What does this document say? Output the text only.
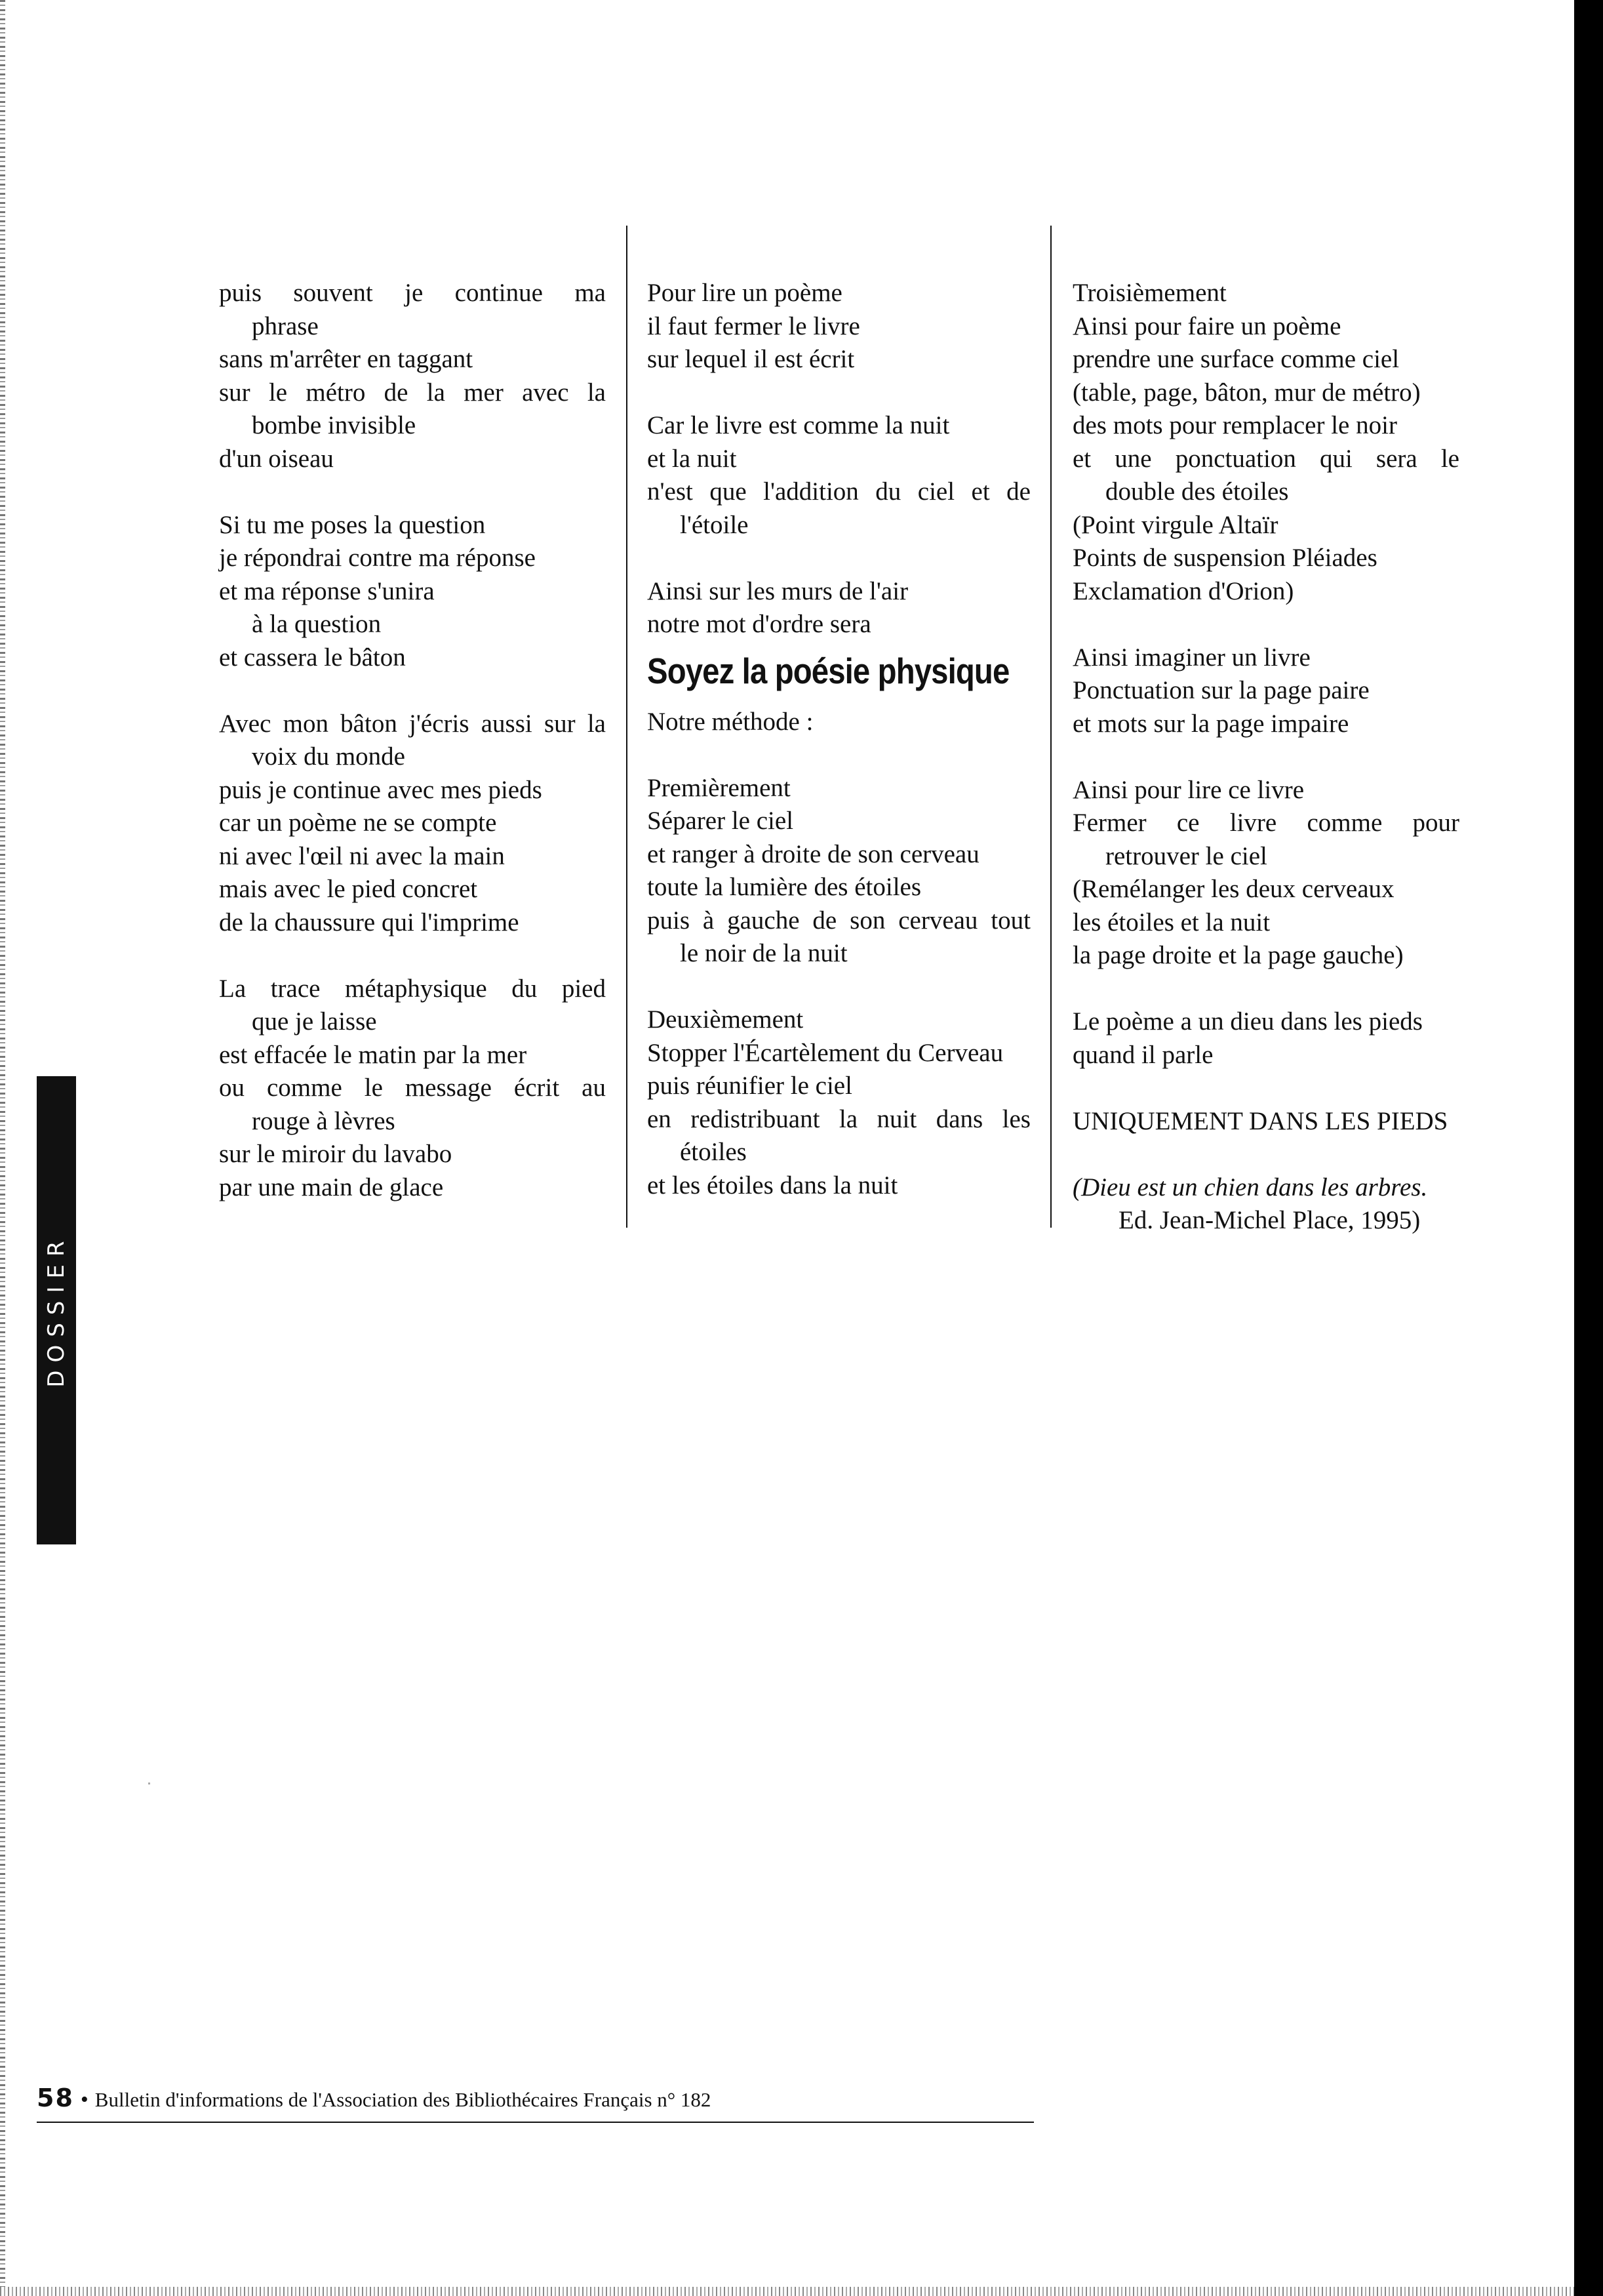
puis souvent je continue ma
phrase
sans m'arrêter en taggant
sur le métro de la mer avec la
bombe invisible
d'un oiseau
Si tu me poses la question
je répondrai contre ma réponse
et ma réponse s'unira
à la question
et cassera le bâton
Avec mon bâton j'écris aussi sur la
voix du monde
puis je continue avec mes pieds
car un poème ne se compte
ni avec l'œil ni avec la main
mais avec le pied concret
de la chaussure qui l'imprime
La trace métaphysique du pied
que je laisse
est effacée le matin par la mer
ou comme le message écrit au
rouge à lèvres
sur le miroir du lavabo
par une main de glace
Pour lire un poème
il faut fermer le livre
sur lequel il est écrit
Car le livre est comme la nuit
et la nuit
n'est que l'addition du ciel et de
l'étoile
Ainsi sur les murs de l'air
notre mot d'ordre sera
Soyez la poésie physique
Notre méthode :
Premièrement
Séparer le ciel
et ranger à droite de son cerveau
toute la lumière des étoiles
puis à gauche de son cerveau tout
le noir de la nuit
Deuxièmement
Stopper l'Écartèlement du Cerveau
puis réunifier le ciel
en redistribuant la nuit dans les
étoiles
et les étoiles dans la nuit
Troisièmement
Ainsi pour faire un poème
prendre une surface comme ciel
(table, page, bâton, mur de métro)
des mots pour remplacer le noir
et une ponctuation qui sera le
double des étoiles
(Point virgule Altaïr
Points de suspension Pléiades
Exclamation d'Orion)
Ainsi imaginer un livre
Ponctuation sur la page paire
et mots sur la page impaire
Ainsi pour lire ce livre
Fermer ce livre comme pour
retrouver le ciel
(Remélanger les deux cerveaux
les étoiles et la nuit
la page droite et la page gauche)
Le poème a un dieu dans les pieds
quand il parle
UNIQUEMENT DANS LES PIEDS
(Dieu est un chien dans les arbres.
Ed. Jean-Michel Place, 1995)
DOSSIER
58 • Bulletin d'informations de l'Association des Bibliothécaires Français n° 182
